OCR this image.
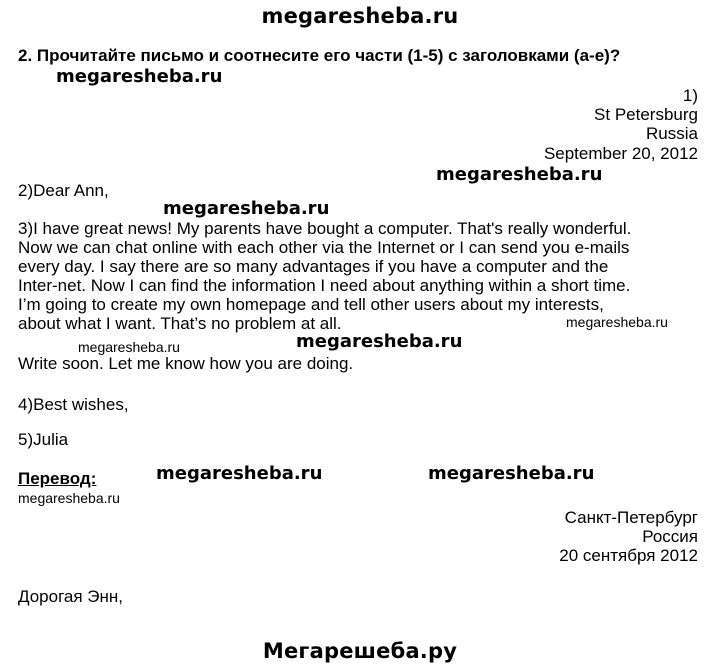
megaresheba.ru
2. Прочитайте письмо и соотнесите его части (1-5) с заголовками (a-e)?
megaresheba.ru
1)
St Petersburg
Russia
September 20, 2012
megaresheba.ru
2)Dear Ann,
megaresheba.ru
3)I have great news! My parents have bought a computer. That's really wonderful.
Now we can chat online with each other via the Internet or I can send you e-mails
every day. I say there are so many advantages if you have a computer and the
Inter-net. Now I can find the information I need about anything within a short time.
I’m going to create my own homepage and tell other users about my interests,
about what I want. That’s no problem at all.	megaresheba.ru
megaresheba.ru	megaresheba.ru
Write soon. Let me know how you are doing.
4)Best wishes,
5)Julia
Перевод:	megaresheba.ru	megaresheba.ru
megaresheba.ru
Санкт-Петербург
Россия
20 сентября 2012
Дорогая Энн,
Мегарешеба.ру
